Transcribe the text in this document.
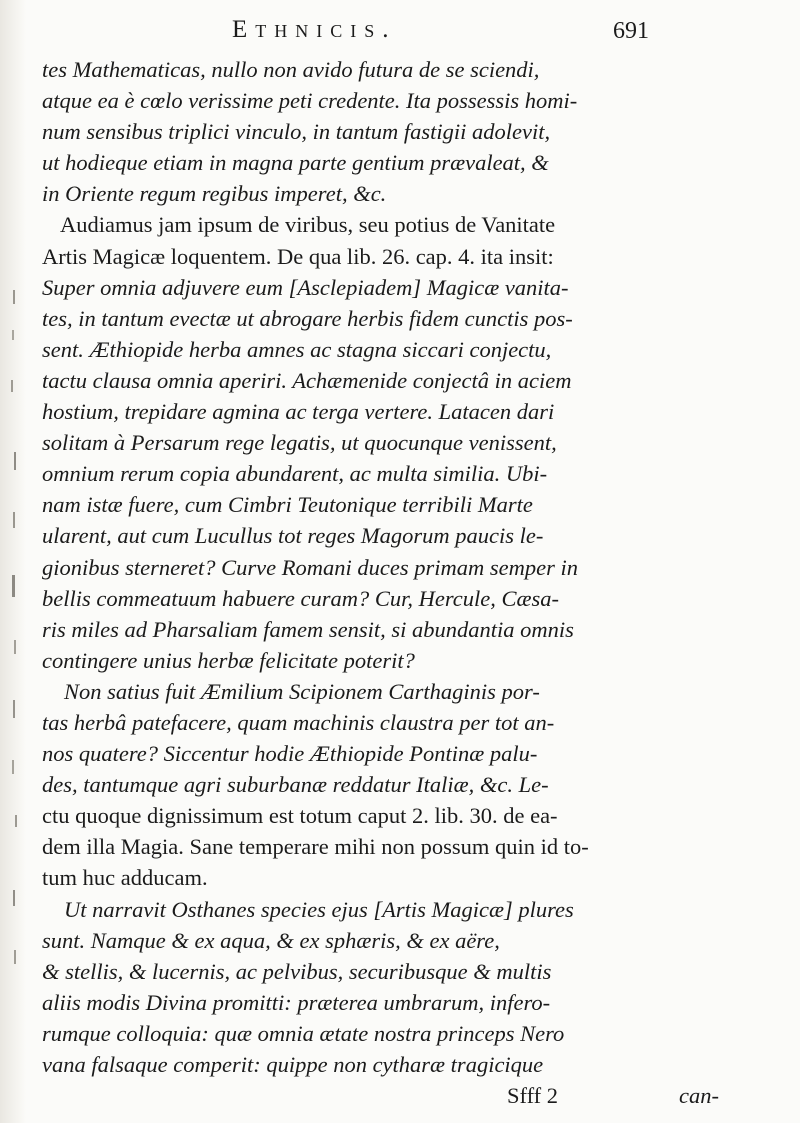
Ethnicis.	691
tes Mathematicas, nullo non avido futura de se sciendi,
atque ea è cœlo verissime peti credente. Ita possessis homi-
num sensibus triplici vinculo, in tantum fastigii adolevit,
ut hodieque etiam in magna parte gentium prævaleat, &
in Oriente regum regibus imperet, &c.
Audiamus jam ipsum de viribus, seu potius de Vanitate
Artis Magicæ loquentem. De qua lib. 26. cap. 4. ita insit:
Super omnia adjuvere eum [Asclepiadem] Magicæ vanita-
tes, in tantum evectæ ut abrogare herbis fidem cunctis pos-
sent. Æthiopide herba amnes ac stagna siccari conjectu,
tactu clausa omnia aperiri. Achæmenide conjectâ in aciem
hostium, trepidare agmina ac terga vertere. Latacen dari
solitam à Persarum rege legatis, ut quocunque venissent,
omnium rerum copia abundarent, ac multa similia. Ubi-
nam istæ fuere, cum Cimbri Teutonique terribili Marte
ularent, aut cum Lucullus tot reges Magorum paucis le-
gionibus sterneret? Curve Romani duces primam semper in
bellis commeatuum habuere curam? Cur, Hercule, Cæsa-
ris miles ad Pharsaliam famem sensit, si abundantia omnis
contingere unius herbæ felicitate poterit?
Non satius fuit Æmilium Scipionem Carthaginis por-
tas herbâ patefacere, quam machinis claustra per tot an-
nos quatere? Siccentur hodie Æthiopide Pontinæ palu-
des, tantumque agri suburbanæ reddatur Italiæ, &c. Le-
ctu quoque dignissimum est totum caput 2. lib. 30. de ea-
dem illa Magia. Sane temperare mihi non possum quin id to-
tum huc adducam.
Ut narravit Osthanes species ejus [Artis Magicæ] plures
sunt. Namque & ex aqua, & ex sphæris, & ex aëre,
& stellis, & lucernis, ac pelvibus, securibusque & multis
aliis modis Divina promitti: præterea umbrarum, infero-
rumque colloquia: quæ omnia ætate nostra princeps Nero
vana falsaque comperit: quippe non cytharæ tragicique
Sfff 2	can-
